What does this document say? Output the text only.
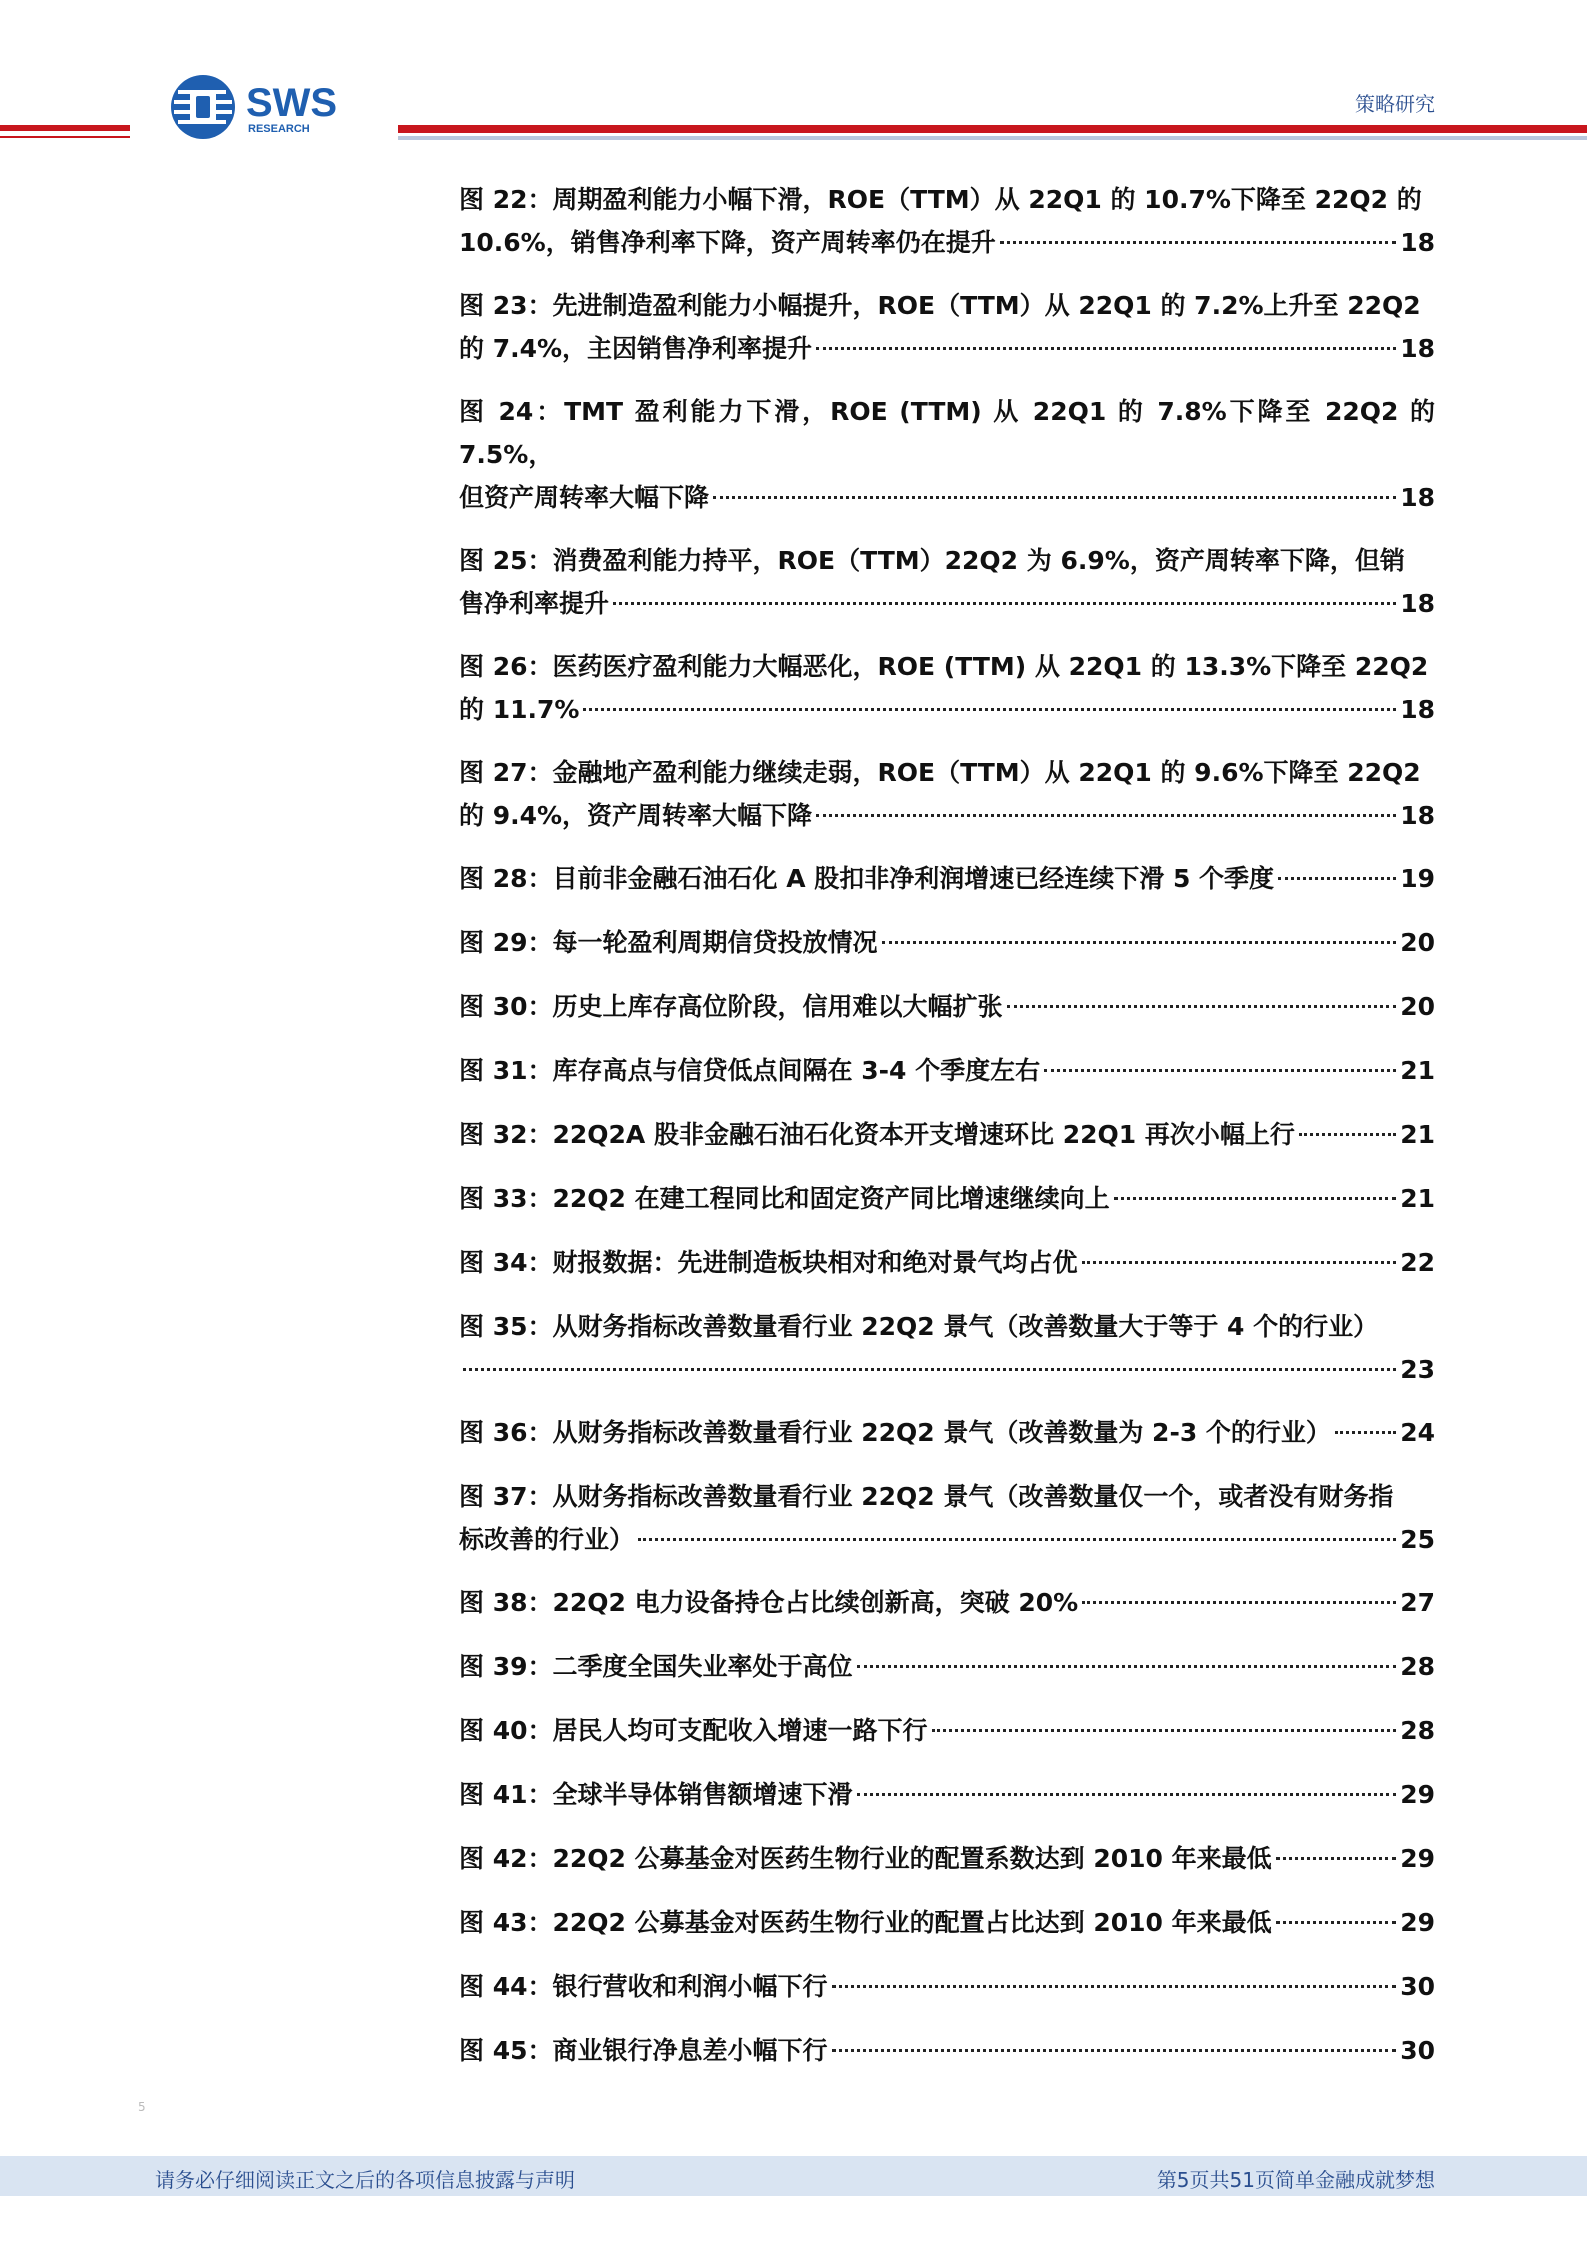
SWS
RESEARCH
策略研究
图 22：周期盈利能力小幅下滑，ROE（TTM）从 22Q1 的 10.7%下降至 22Q2 的
10.6%，销售净利率下降，资产周转率仍在提升	18
图 23：先进制造盈利能力小幅提升，ROE（TTM）从 22Q1 的 7.2%上升至 22Q2
的 7.4%，主因销售净利率提升	18
图 24：TMT 盈利能力下滑，ROE (TTM) 从 22Q1 的 7.8%下降至 22Q2 的 7.5%，
但资产周转率大幅下降	18
图 25：消费盈利能力持平，ROE（TTM）22Q2 为 6.9%，资产周转率下降，但销
售净利率提升	18
图 26：医药医疗盈利能力大幅恶化，ROE (TTM) 从 22Q1 的 13.3%下降至 22Q2
的 11.7%	18
图 27：金融地产盈利能力继续走弱，ROE（TTM）从 22Q1 的 9.6%下降至 22Q2
的 9.4%，资产周转率大幅下降	18
图 28：目前非金融石油石化 A 股扣非净利润增速已经连续下滑 5 个季度	19
图 29：每一轮盈利周期信贷投放情况	20
图 30：历史上库存高位阶段，信用难以大幅扩张	20
图 31：库存高点与信贷低点间隔在 3-4 个季度左右	21
图 32：22Q2A 股非金融石油石化资本开支增速环比 22Q1 再次小幅上行	21
图 33：22Q2 在建工程同比和固定资产同比增速继续向上	21
图 34：财报数据：先进制造板块相对和绝对景气均占优	22
图 35：从财务指标改善数量看行业 22Q2 景气（改善数量大于等于 4 个的行业）
23
图 36：从财务指标改善数量看行业 22Q2 景气（改善数量为 2-3 个的行业）	24
图 37：从财务指标改善数量看行业 22Q2 景气（改善数量仅一个，或者没有财务指
标改善的行业）	25
图 38：22Q2 电力设备持仓占比续创新高，突破 20%	27
图 39：二季度全国失业率处于高位	28
图 40：居民人均可支配收入增速一路下行	28
图 41：全球半导体销售额增速下滑	29
图 42：22Q2 公募基金对医药生物行业的配置系数达到 2010 年来最低	29
图 43：22Q2 公募基金对医药生物行业的配置占比达到 2010 年来最低	29
图 44：银行营收和利润小幅下行	30
图 45：商业银行净息差小幅下行	30
5
请务必仔细阅读正文之后的各项信息披露与声明	第5页共51页简单金融成就梦想
